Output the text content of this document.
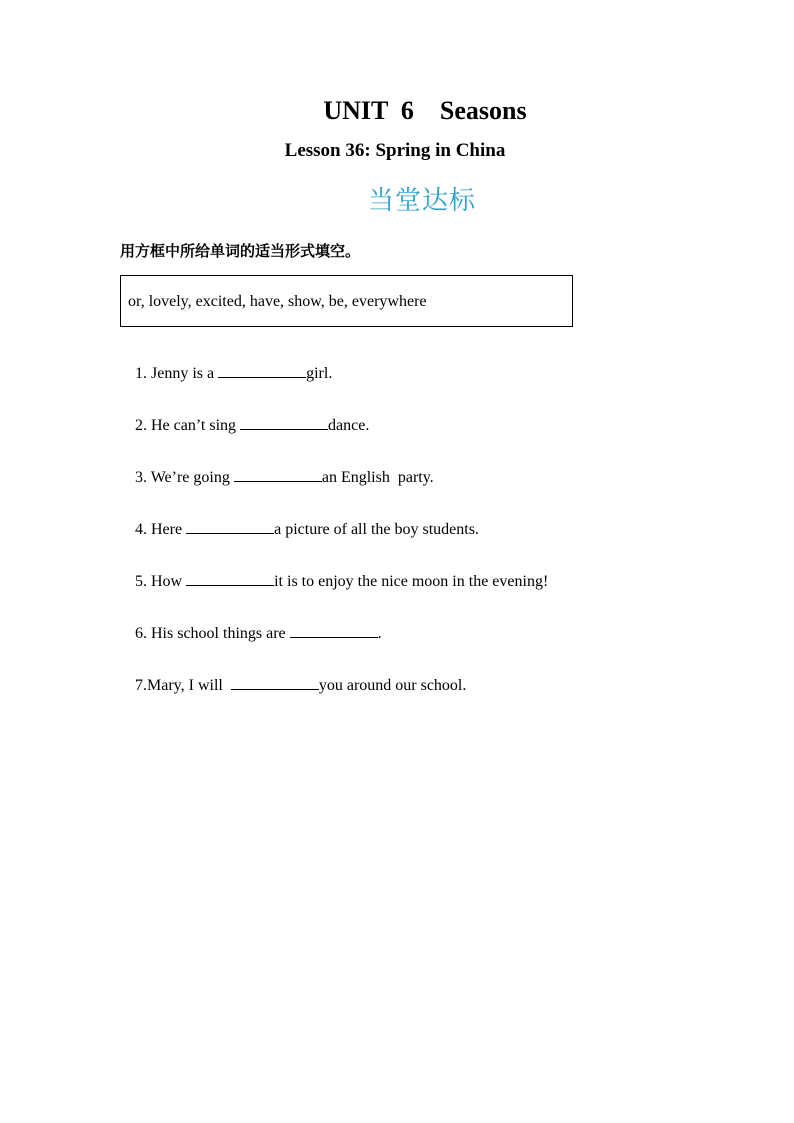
UNIT  6    Seasons
Lesson 36: Spring in China
当堂达标
用方框中所给单词的适当形式填空。
or, lovely, excited, have, show, be, everywhere

1. Jenny is a	girl.

2. He can’t sing	dance.

3. We’re going	an English  party.

4. Here	a picture of all the boy students.

5. How	it is to enjoy the nice moon in the evening!

6. His school things are	.

7.Mary, I will	you around our school.
